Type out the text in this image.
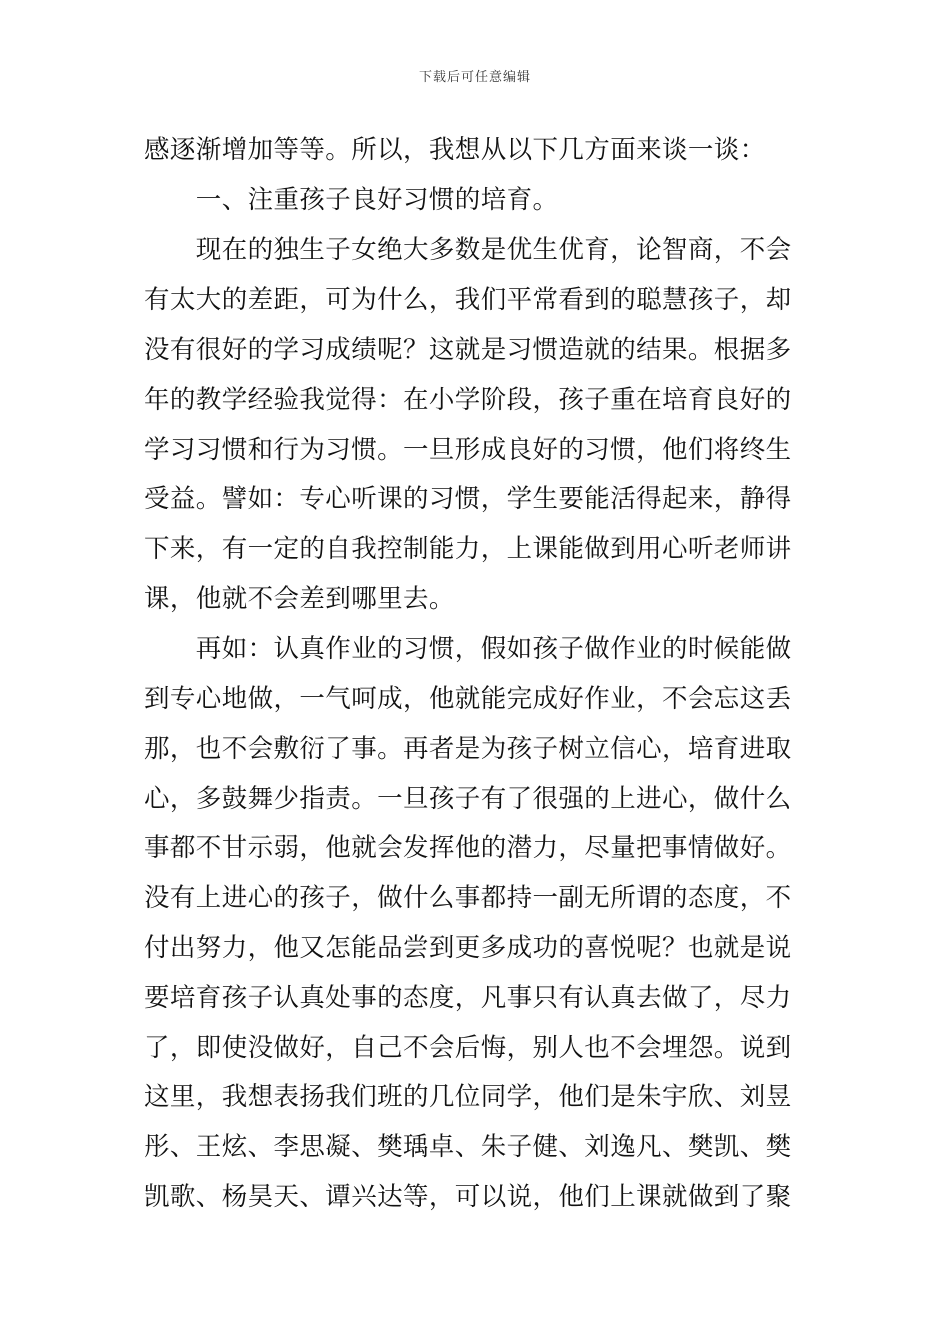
下载后可任意编辑
感逐渐增加等等。所以，我想从以下几方面来谈一谈：
　　一、注重孩子良好习惯的培育。
　　现在的独生子女绝大多数是优生优育，论智商，不会
有太大的差距，可为什么，我们平常看到的聪慧孩子，却
没有很好的学习成绩呢？这就是习惯造就的结果。根据多
年的教学经验我觉得：在小学阶段，孩子重在培育良好的
学习习惯和行为习惯。一旦形成良好的习惯，他们将终生
受益。譬如：专心听课的习惯，学生要能活得起来，静得
下来，有一定的自我控制能力，上课能做到用心听老师讲
课，他就不会差到哪里去。
　　再如：认真作业的习惯，假如孩子做作业的时候能做
到专心地做，一气呵成，他就能完成好作业，不会忘这丢
那，也不会敷衍了事。再者是为孩子树立信心，培育进取
心，多鼓舞少指责。一旦孩子有了很强的上进心，做什么
事都不甘示弱，他就会发挥他的潜力，尽量把事情做好。
没有上进心的孩子，做什么事都持一副无所谓的态度，不
付出努力，他又怎能品尝到更多成功的喜悦呢？也就是说
要培育孩子认真处事的态度，凡事只有认真去做了，尽力
了，即使没做好，自己不会后悔，别人也不会埋怨。说到
这里，我想表扬我们班的几位同学，他们是朱宇欣、刘昱
彤、王炫、李思凝、樊瑀卓、朱子健、刘逸凡、樊凯、樊
凯歌、杨昊天、谭兴达等，可以说，他们上课就做到了聚
